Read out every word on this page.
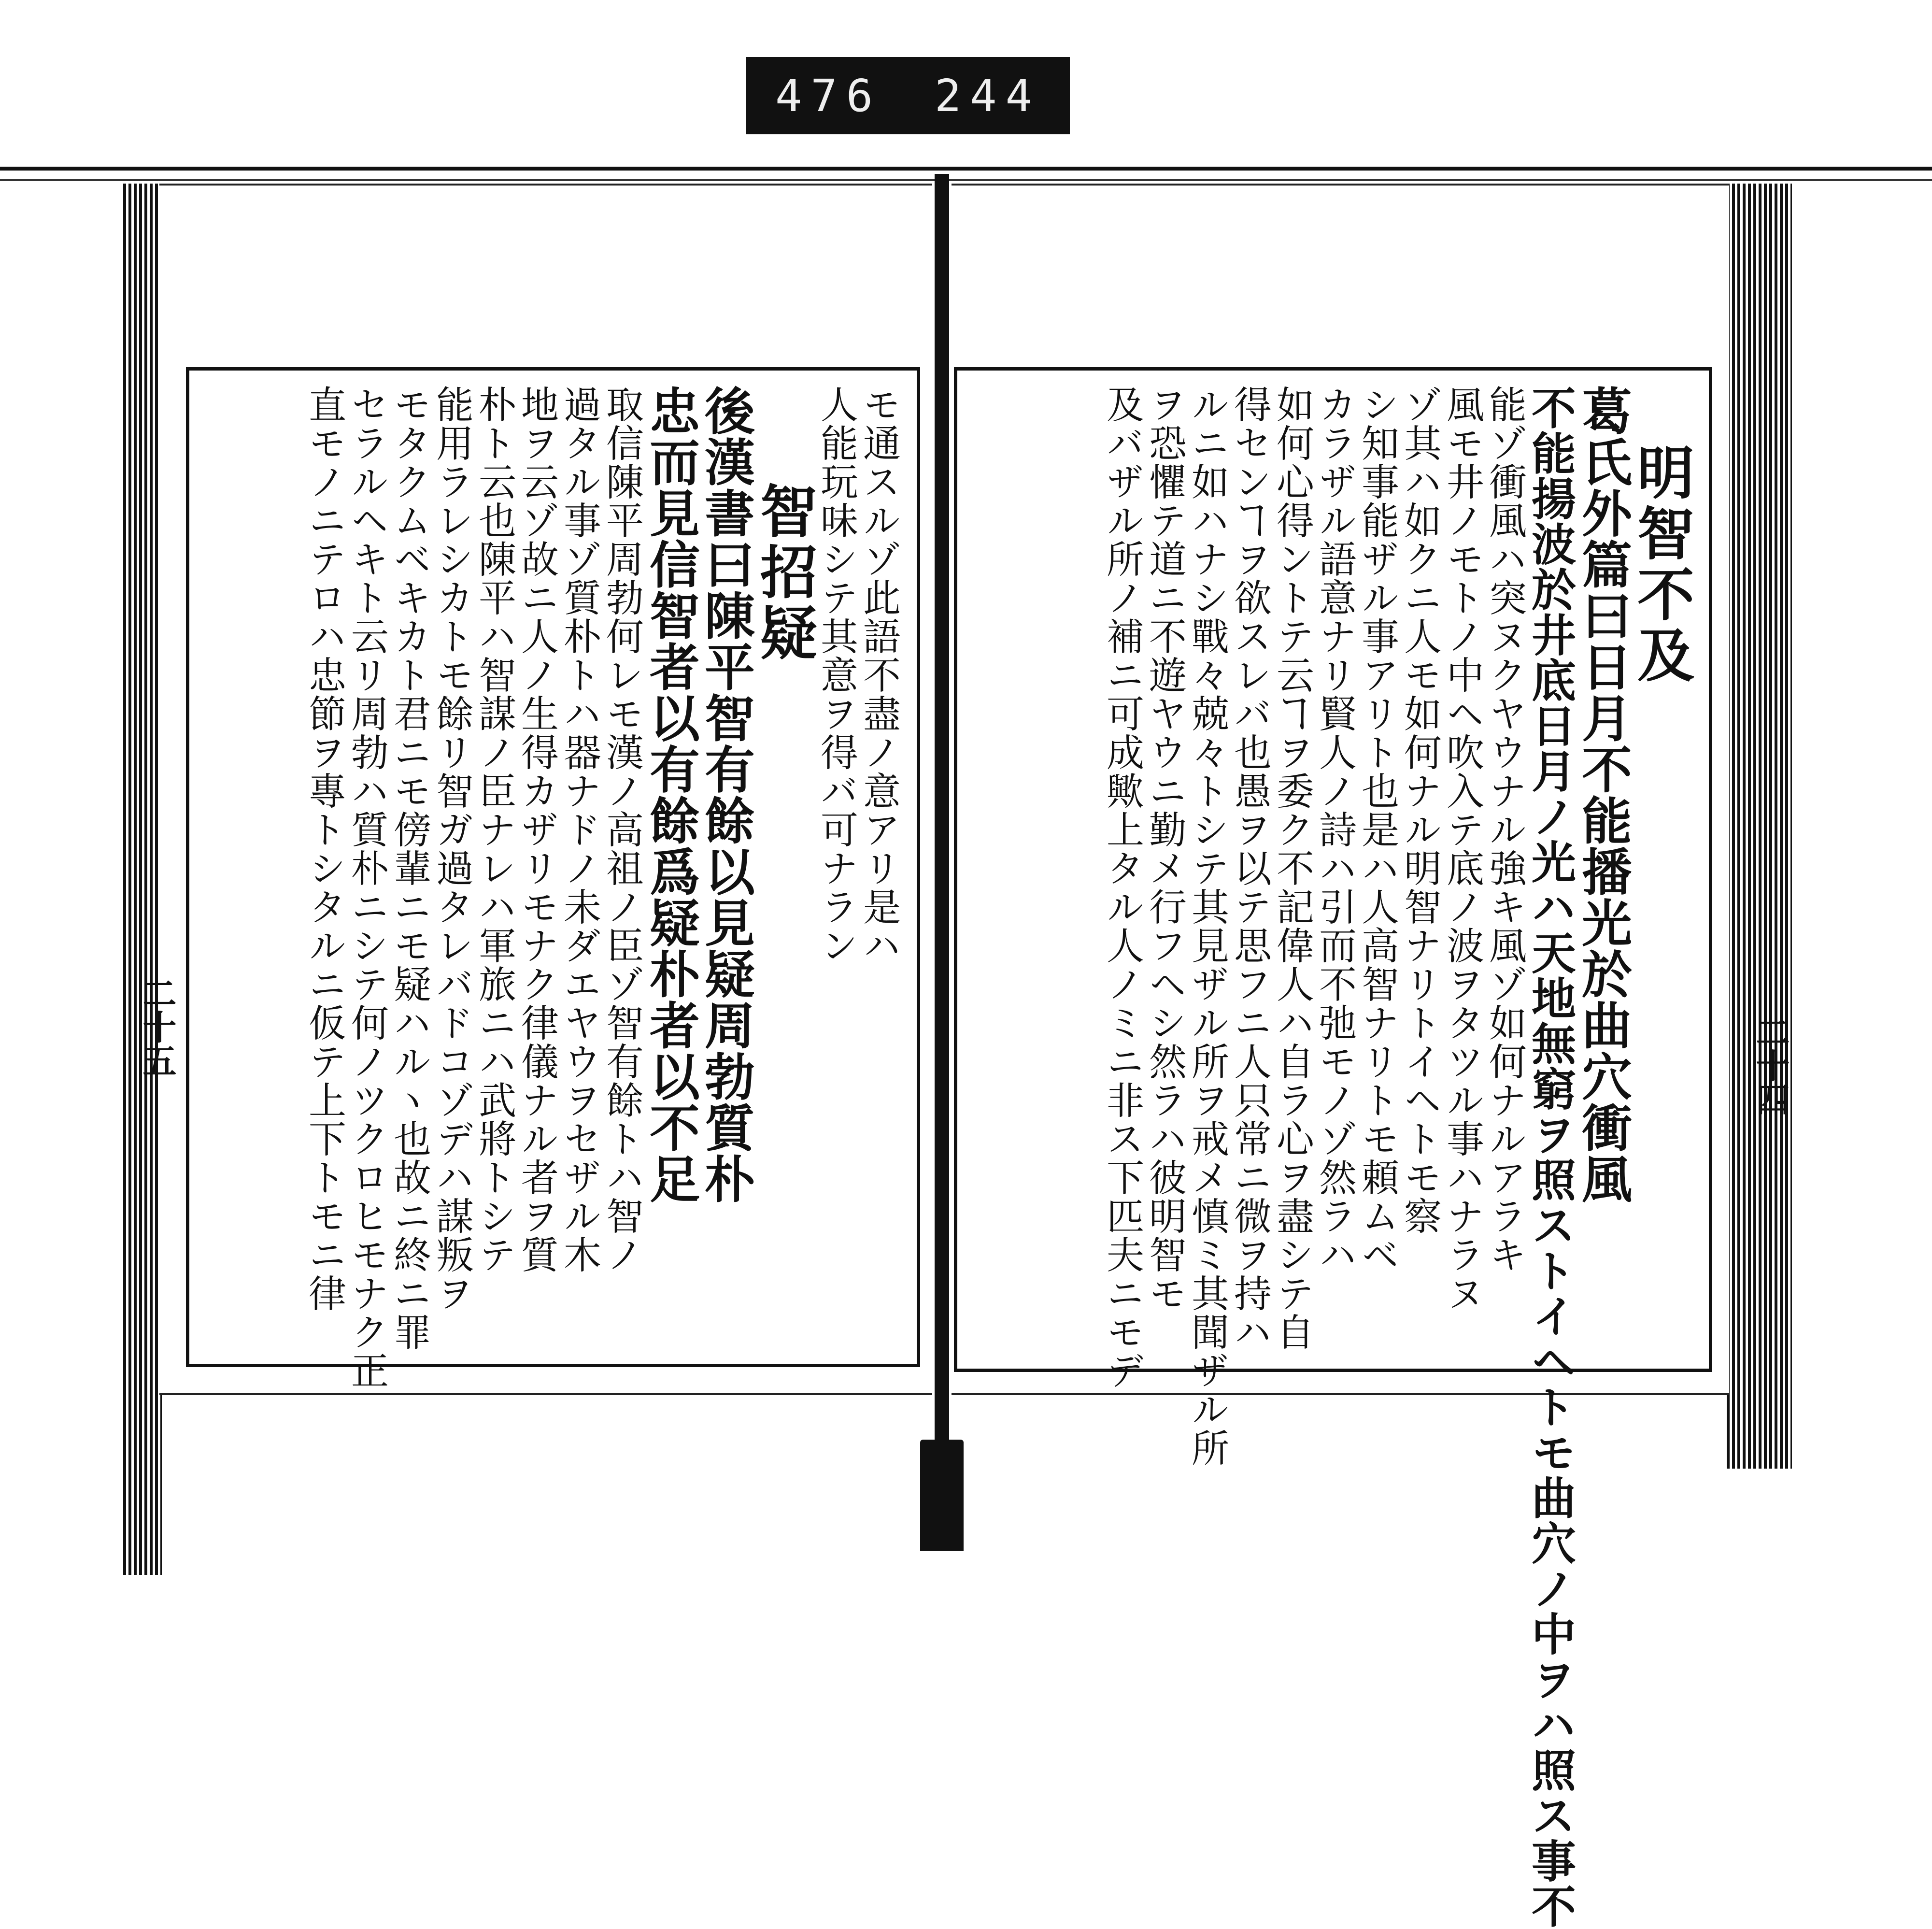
476 244
明智不及
葛氏外篇曰日月不能播光於曲穴衝風
不能揚波於井底日月ノ光ハ天地無窮ヲ照ストイヘトモ曲穴ノ中ヲハ照ス事不
能ゾ衝風ハ突ヌクヤウナル強キ風ゾ如何ナルアラキ
風モ井ノモトノ中ヘ吹入テ底ノ波ヲタツル事ハナラヌ
ゾ其ハ如クニ人モ如何ナル明智ナリトイヘトモ察
シ知事能ザル事アリト也是ハ人高智ナリトモ頼ムベ
カラザル語意ナリ賢人ノ詩ハ引而不弛モノゾ然ラハ
如何心得ントテ云ヿヲ委ク不記偉人ハ自ラ心ヲ盡シテ自
得センヿヲ欲スレバ也愚ヲ以テ思フニ人只常ニ微ヲ持ハ
ルニ如ハナシ戰々兢々トシテ其見ザル所ヲ戒メ慎ミ其聞ザル所
ヲ恐懼テ道ニ不遊ヤウニ勤メ行フヘシ然ラハ彼明智モ
及バザル所ノ補ニ可成歟上タル人ノミニ非ス下匹夫ニモデ
モ通スルゾ此語不盡ノ意アリ是ハ
人能玩味シテ其意ヲ得バ可ナラン
智招疑
後漢書曰陳平智有餘以見疑周勃質朴
忠而見信智者以有餘爲疑朴者以不足
取信陳平周勃何レモ漢ノ高祖ノ臣ゾ智有餘トハ智ノ
過タル事ゾ質朴トハ器ナドノ未ダエヤウヲセザル木
地ヲ云ゾ故ニ人ノ生得カザリモナク律儀ナル者ヲ質
朴ト云也陳平ハ智謀ノ臣ナレハ軍旅ニハ武將トシテ
能用ラレシカトモ餘リ智ガ過タレバドコゾデハ謀叛ヲ
モタクムベキカト君ニモ傍輩ニモ疑ハルヽ也故ニ終ニ罪
セラルヘキト云リ周勃ハ質朴ニシテ何ノツクロヒモナク正
直モノニテロハ忠節ヲ專トシタルニ仮テ上下トモニ律	二十四
二十五
